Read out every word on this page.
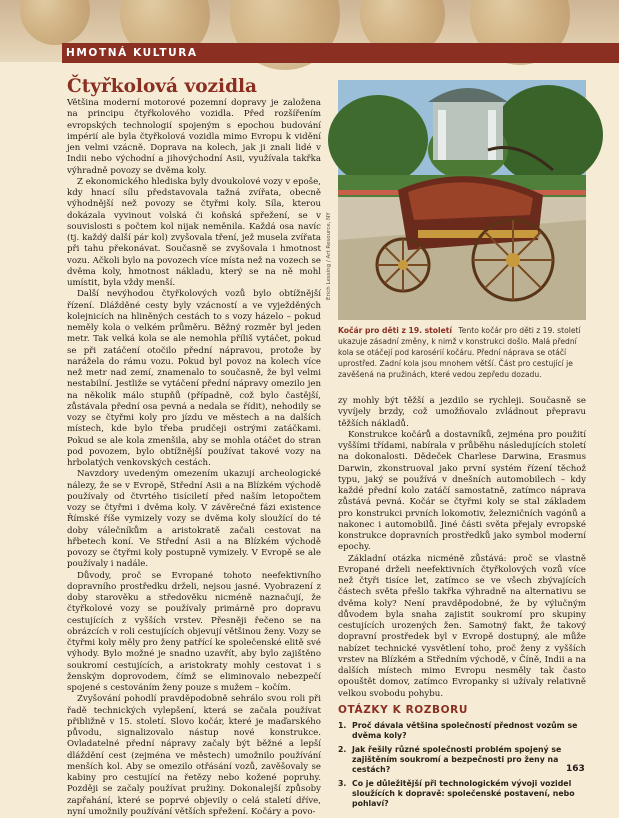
HMOTNÁ KULTURA
Čtyřkolová vozidla

Většina moderní motorové pozemní dopravy je založena na principu čtyřkolového vozidla. Před rozšířením evropských technologií spojeným s epochou budování impérií ale byla čtyřkolová vozidla mimo Evropu k vidění jen velmi vzácně. Doprava na kolech, jak ji znali lidé v Indii nebo východní a jihovýchodní Asii, využívala takřka výhradně povozy se dvěma koly.

Z ekonomického hlediska byly dvoukolové vozy v epoše, kdy hnací sílu představovala tažná zvířata, obecně výhodnější než povozy se čtyřmi koly. Síla, kterou dokázala vyvinout volská či koňská spřežení, se v souvislosti s počtem kol nijak neměnila. Každá osa navíc (tj. každý další pár kol) zvyšovala tření, jež musela zvířata při tahu překonávat. Současně se zvyšovala i hmotnost vozu. Ačkoli bylo na povozech více místa než na vozech se dvěma koly, hmotnost nákladu, který se na ně mohl umístit, byla vždy menší.

Další nevýhodou čtyřkolových vozů bylo obtížnější řízení. Dlážděné cesty byly vzácností a ve vyježděných kolejnicích na hliněných cestách to s vozy házelo – pokud neměly kola o velkém průměru. Běžný rozměr byl jeden metr. Tak velká kola se ale nemohla příliš vytáčet, pokud se při zatáčení otočilo přední nápravou, protože by narážela do rámu vozu. Pokud byl povoz na kolech více než metr nad zemí, znamenalo to současně, že byl velmi nestabilní. Jestliže se vytáčení přední nápravy omezilo jen na několik málo stupňů (případně, což bylo častější, zůstávala přední osa pevná a nedala se řídit), nehodily se vozy se čtyřmi koly pro jízdu ve městech a na dalších místech, kde bylo třeba prudčeji ostrými zatáčkami. Pokud se ale kola zmenšila, aby se mohla otáčet do stran pod povozem, bylo obtížnější používat takové vozy na hrbolatých venkovských cestách.

Navzdory uvedeným omezením ukazují archeologické nálezy, že se v Evropě, Střední Asii a na Blízkém východě používaly od čtvrtého tisíciletí před naším letopočtem vozy se čtyřmi i dvěma koly. V závěrečné fázi existence Římské říše vymizely vozy se dvěma koly sloužící do té doby válečníkům a aristokratě začali cestovat na hřbetech koní. Ve Střední Asii a na Blízkém východě povozy se čtyřmi koly postupně vymizely. V Evropě se ale používaly i nadále.

Důvody, proč se Evropané tohoto neefektivního dopravního prostředku drželi, nejsou jasné. Vyobrazení z doby starověku a středověku nicméně naznačují, že čtyřkolové vozy se používaly primárně pro dopravu cestujících z vyšších vrstev. Přesněji řečeno se na obrázcích v roli cestujících objevují většinou ženy. Vozy se čtyřmi koly měly pro ženy patřící ke společenské elitě své výhody. Bylo možné je snadno uzavřít, aby bylo zajištěno soukromí cestujících, a aristokraty mohly cestovat i s ženským doprovodem, čímž se eliminovalo nebezpečí spojené s cestováním ženy pouze s mužem – kočím.

Zvyšování pohodlí pravděpodobně sehrálo svou roli při řadě technických vylepšení, která se začala používat přibližně v 15. století. Slovo kočár, které je maďarského původu, signalizovalo nástup nové konstrukce. Ovladatelné přední nápravy začaly být běžné a lepší dláždění cest (zejména ve městech) umožnilo používání menších kol. Aby se omezilo otřásání vozů, zavěšovaly se kabiny pro cestující na řetězy nebo kožené popruhy. Později se začaly používat pružiny. Dokonalejší způsoby zapřahání, které se poprvé objevily o celá staletí dříve, nyní umožnily používání větších spřežení. Kočáry a povo-

Erich Lessing / Art Resource, NY
Kočár pro děti z 19. století Tento kočár pro děti z 19. století ukazuje zásadní změny, k nimž v konstrukci došlo. Malá přední kola se otáčejí pod karosérií kočáru. Přední náprava se otáčí uprostřed. Zadní kola jsou mnohem větší. Část pro cestující je zavěšená na pružinách, které vedou zepředu dozadu.

zy mohly být těžší a jezdilo se rychleji. Současně se vyvíjely brzdy, což umožňovalo zvládnout přepravu těžších nákladů.

Konstrukce kočárů a dostavníků, zejména pro použití vyššími třídami, nabírala v průběhu následujících století na dokonalosti. Dědeček Charlese Darwina, Erasmus Darwin, zkonstruoval jako první systém řízení těchož typu, jaký se používá v dnešních automobilech – kdy každé přední kolo zatáčí samostatně, zatímco náprava zůstává pevná. Kočár se čtyřmi koly se stal základem pro konstrukci prvních lokomotiv, železničních vagónů a nakonec i automobilů. Jiné části světa přejaly evropské konstrukce dopravních prostředků jako symbol moderní epochy.

Základní otázka nicméně zůstává: proč se vlastně Evropané drželi neefektivních čtyřkolových vozů více než čtyři tisíce let, zatímco se ve všech zbývajících částech světa přešlo takřka výhradně na alternativu se dvěma koly? Není pravděpodobné, že by výlučným důvodem byla snaha zajistit soukromí pro skupiny cestujících urozených žen. Samotný fakt, že takový dopravní prostředek byl v Evropě dostupný, ale může nabízet technické vysvětlení toho, proč ženy z vyšších vrstev na Blízkém a Středním východě, v Číně, Indii a na dalších místech mimo Evropu nesměly tak často opouštět domov, zatímco Evropanky si užívaly relativně velkou svobodu pohybu.

OTÁZKY K ROZBORU
1. Proč dávala většina společností přednost vozům se dvěma koly?
2. Jak řešily různé společnosti problém spojený se zajištěním soukromí a bezpečnosti pro ženy na cestách?
3. Co je důležitější při technologickém vývoji vozidel sloužících k dopravě: společenské postavení, nebo pohlaví?
163
